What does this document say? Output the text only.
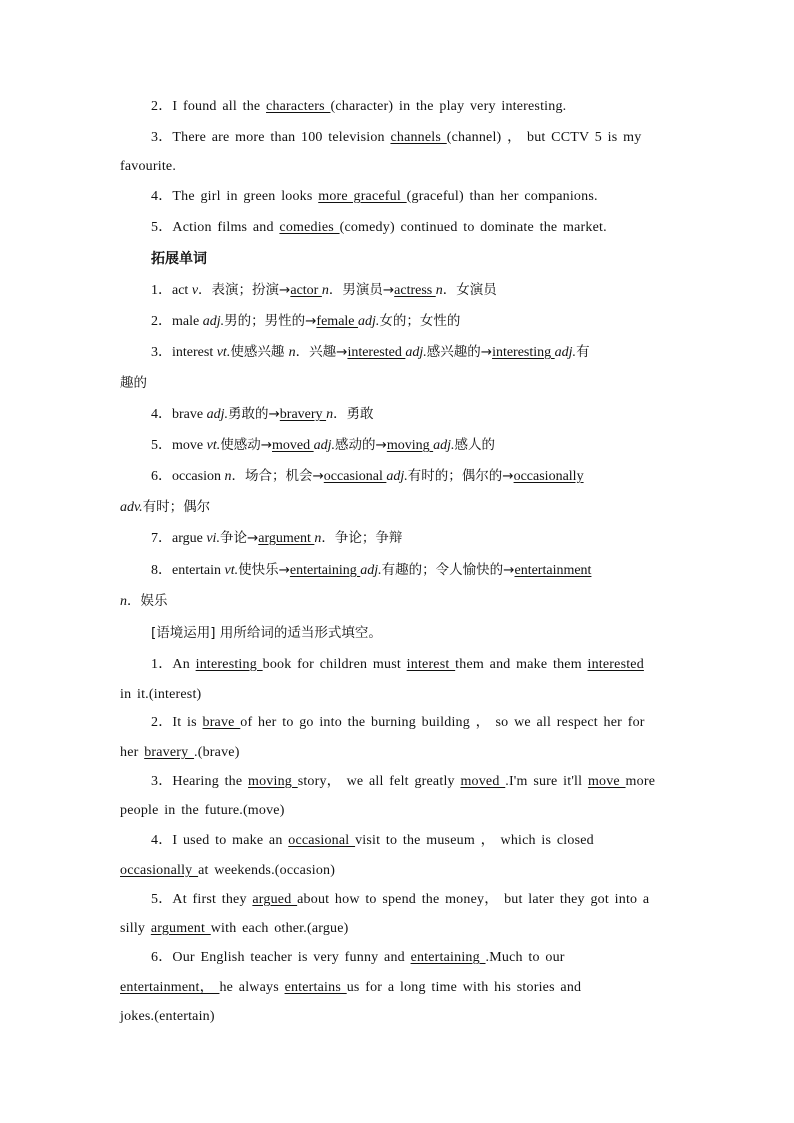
2．I found all the characters (character) in the play very interesting.
3．There are more than 100 television channels (channel) ， but CCTV 5 is my
favourite.
4．The girl in green looks more graceful (graceful) than her companions.
5．Action films and comedies (comedy) continued to dominate the market.
拓展单词
1．act v．表演；扮演→actor n．男演员→actress n．女演员
2．male adj.男的；男性的→female adj.女的；女性的
3．interest vt.使感兴趣 n．兴趣→interested adj.感兴趣的→interesting adj.有
趣的
4．brave adj.勇敢的→bravery n．勇敢
5．move vt.使感动→moved adj.感动的→moving adj.感人的
6．occasion n．场合；机会→occasional adj.有时的；偶尔的→occasionally
adv.有时；偶尔
7．argue vi.争论→argument n．争论；争辩
8．entertain vt.使快乐→entertaining adj.有趣的；令人愉快的→entertainment
n．娱乐
[语境运用] 用所给词的适当形式填空。
1．An interesting book for children must interest them and make them interested
in it.(interest)
2．It is brave of her to go into the burning building ， so we all respect her for
her bravery .(brave)
3．Hearing the moving story， we all felt greatly moved .I'm sure it'll move more
people in the future.(move)
4．I used to make an occasional visit to the museum ， which is closed
occasionally at weekends.(occasion)
5．At first they argued about how to spend the money， but later they got into a
silly argument with each other.(argue)
6．Our English teacher is very funny and entertaining .Much to our
entertainment， he always entertains us for a long time with his stories and
jokes.(entertain)
